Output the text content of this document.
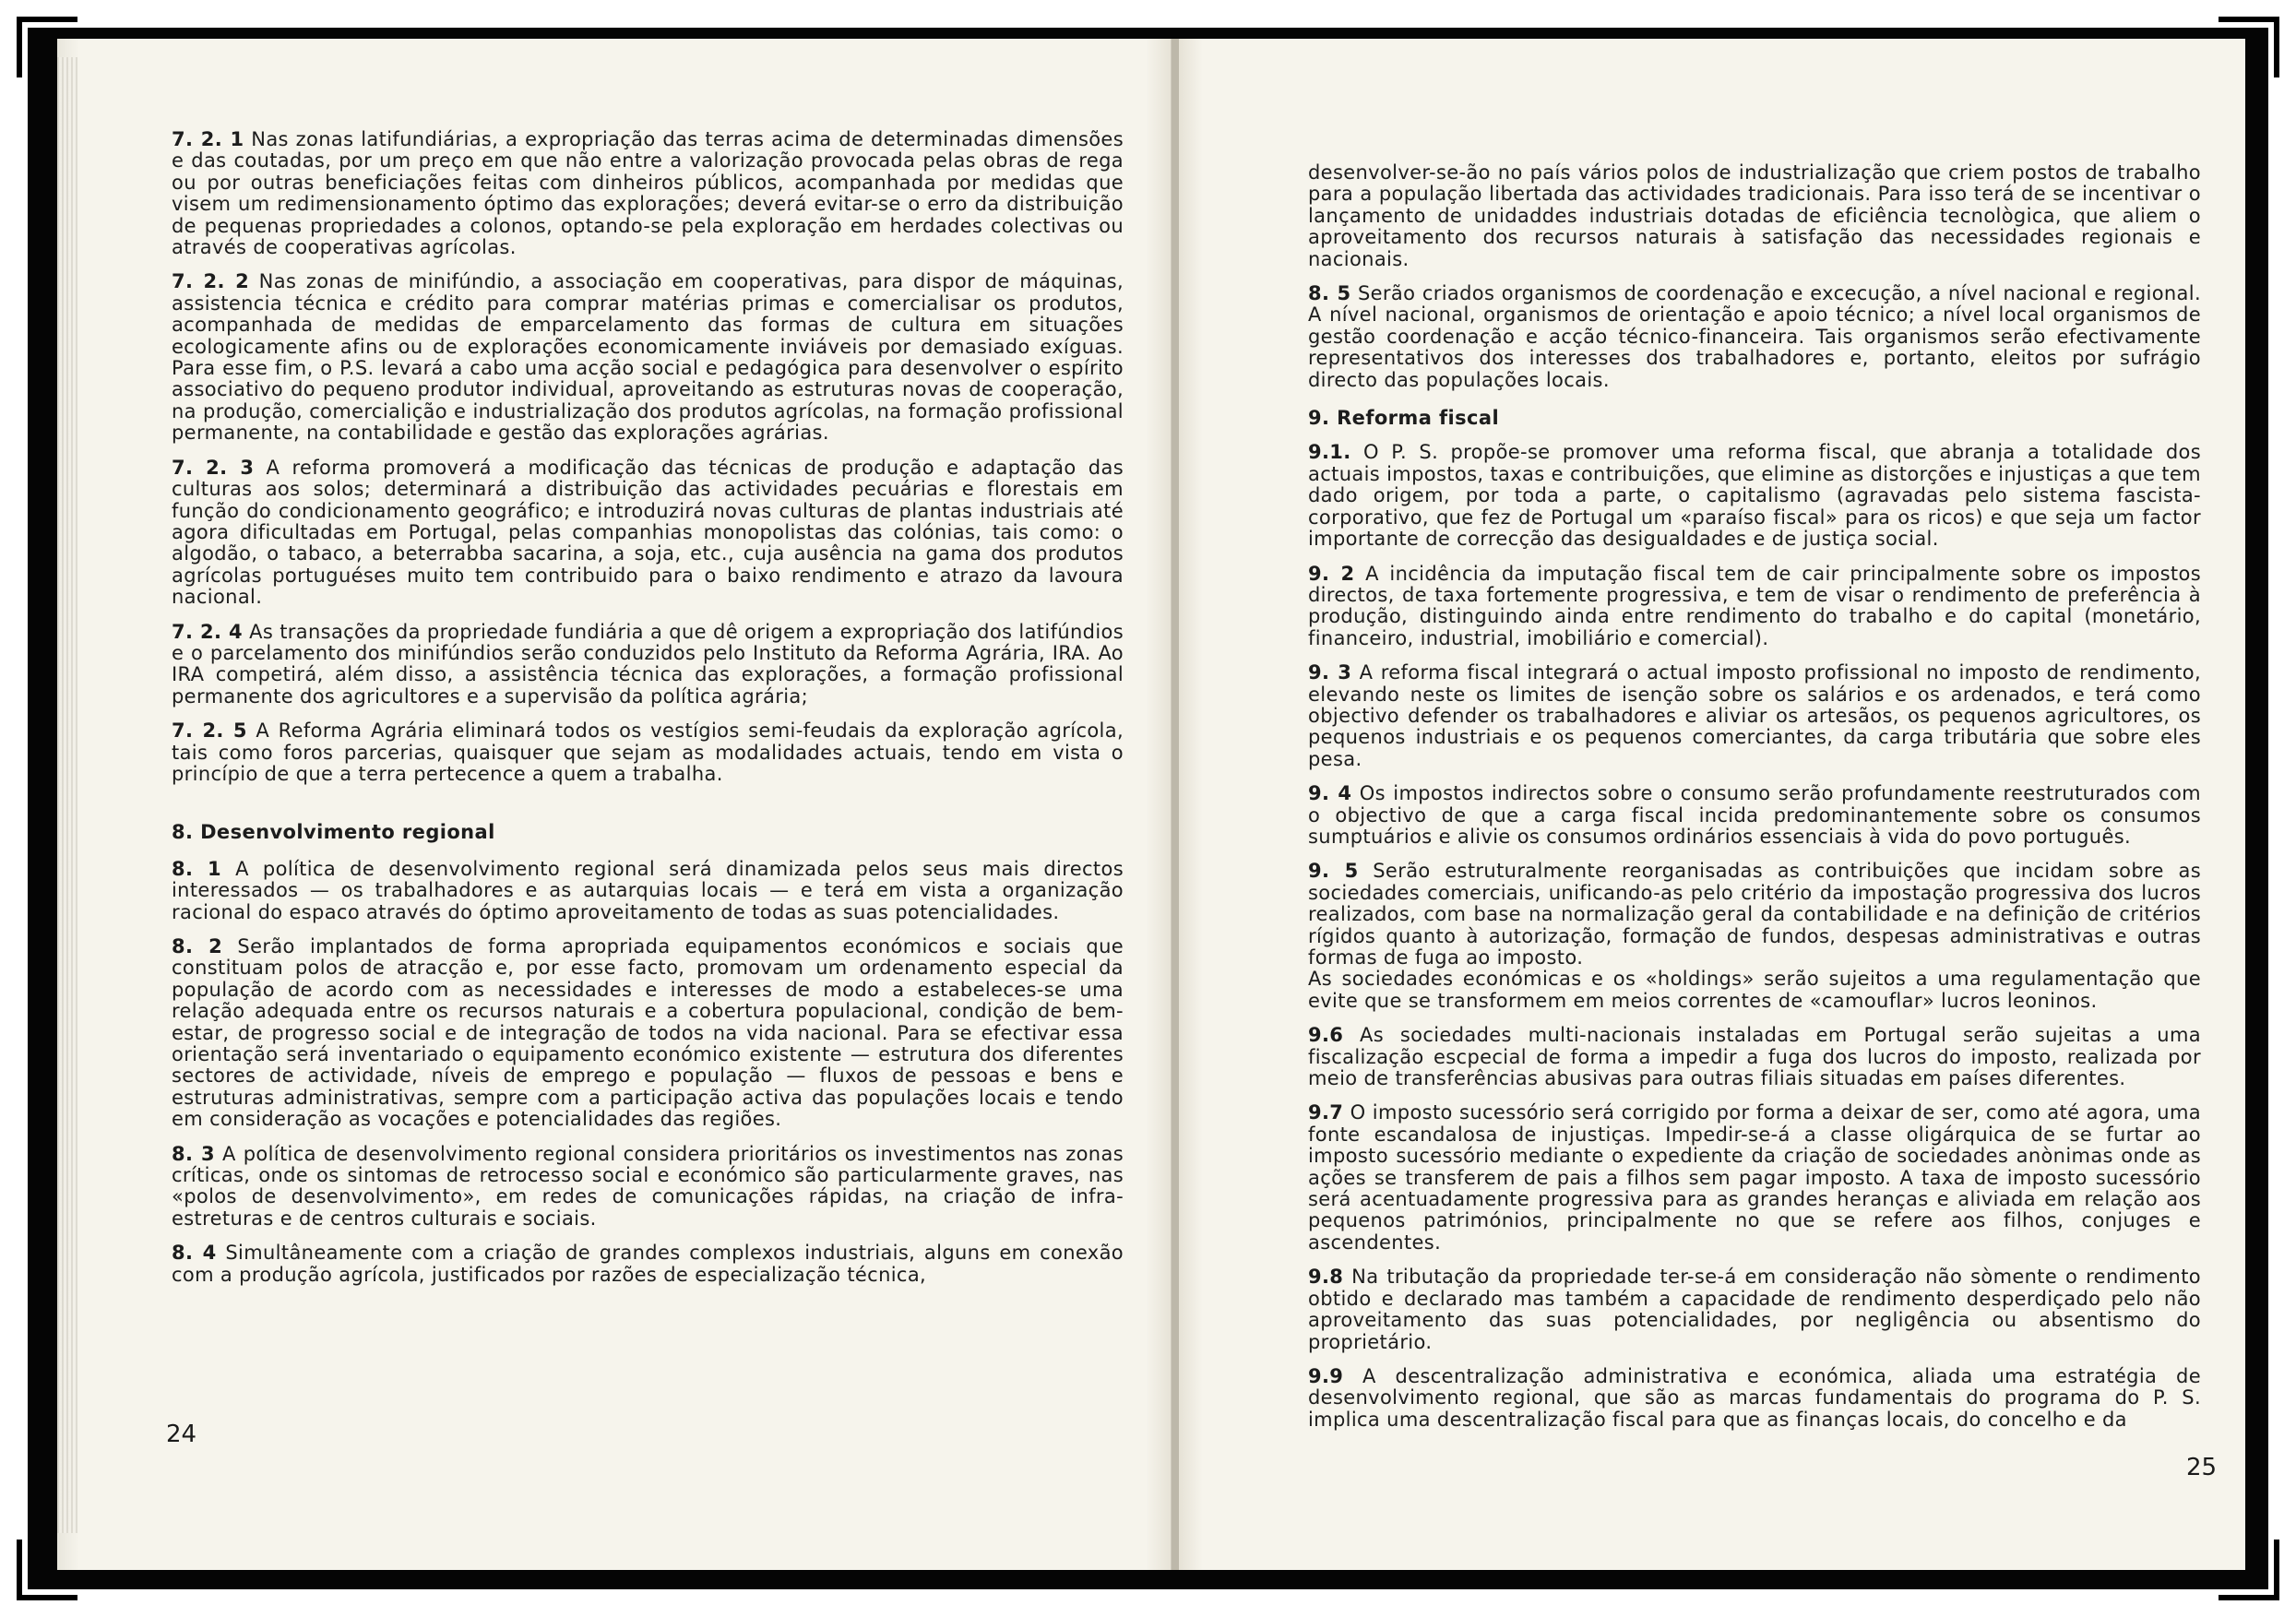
7. 2. 1 Nas zonas latifundiárias, a expropriação das terras acima de determinadas dimensões e das coutadas, por um preço em que não entre a valorização provocada pelas obras de rega ou por outras beneficiações feitas com dinheiros públicos, acompanhada por medidas que visem um redimensionamento óptimo das explorações; deverá evitar-se o erro da distribuição de pequenas propriedades a colonos, optando-se pela exploração em herdades colectivas ou através de cooperativas agrícolas.

7. 2. 2 Nas zonas de minifúndio, a associação em cooperativas, para dispor de máquinas, assistencia técnica e crédito para comprar matérias primas e comercialisar os produtos, acompanhada de medidas de emparcelamento das formas de cultura em situações ecologicamente afins ou de explorações economicamente inviáveis por demasiado exíguas. Para esse fim, o P.S. levará a cabo uma acção social e pedagógica para desenvolver o espírito associativo do pequeno produtor individual, aproveitando as estruturas novas de cooperação, na produção, comercialição e industrialização dos produtos agrícolas, na formação profissional permanente, na contabilidade e gestão das explorações agrárias.

7. 2. 3 A reforma promoverá a modificação das técnicas de produção e adaptação das culturas aos solos; determinará a distribuição das actividades pecuárias e florestais em função do condicionamento geográfico; e introduzirá novas culturas de plantas industriais até agora dificultadas em Portugal, pelas companhias monopolistas das colónias, tais como: o algodão, o tabaco, a beterrabba sacarina, a soja, etc., cuja ausência na gama dos produtos agrícolas portuguéses muito tem contribuido para o baixo rendimento e atrazo da lavoura nacional.

7. 2. 4 As transações da propriedade fundiária a que dê origem a expropriação dos latifúndios e o parcelamento dos minifúndios serão conduzidos pelo Instituto da Reforma Agrária, IRA. Ao IRA competirá, além disso, a assistência técnica das explorações, a formação profissional permanente dos agricultores e a supervisão da política agrária;

7. 2. 5 A Reforma Agrária eliminará todos os vestígios semi-feudais da exploração agrícola, tais como foros parcerias, quaisquer que sejam as modalidades actuais, tendo em vista o princípio de que a terra pertecence a quem a trabalha.

8. Desenvolvimento regional

8. 1 A política de desenvolvimento regional será dinamizada pelos seus mais directos interessados — os trabalhadores e as autarquias locais — e terá em vista a organização racional do espaco através do óptimo aproveitamento de todas as suas potencialidades.

8. 2 Serão implantados de forma apropriada equipamentos económicos e sociais que constituam polos de atracção e, por esse facto, promovam um ordenamento especial da população de acordo com as necessidades e interesses de modo a estabeleces-se uma relação adequada entre os recursos naturais e a cobertura populacional, condição de bem-estar, de progresso social e de integração de todos na vida nacional. Para se efectivar essa orientação será inventariado o equipamento económico existente — estrutura dos diferentes sectores de actividade, níveis de emprego e população — fluxos de pessoas e bens e estruturas administrativas, sempre com a participação activa das populações locais e tendo em consideração as vocações e potencialidades das regiões.

8. 3 A política de desenvolvimento regional considera prioritários os investimentos nas zonas críticas, onde os sintomas de retrocesso social e económico são particularmente graves, nas «polos de desenvolvimento», em redes de comunicações rápidas, na criação de infra-estreturas e de centros culturais e sociais.

8. 4 Simultâneamente com a criação de grandes complexos industriais, alguns em conexão com a produção agrícola, justificados por razões de especialização técnica,

24

desenvolver-se-ão no país vários polos de industrialização que criem postos de trabalho para a população libertada das actividades tradicionais. Para isso terá de se incentivar o lançamento de unidaddes industriais dotadas de eficiência tecnològica, que aliem o aproveitamento dos recursos naturais à satisfação das necessidades regionais e nacionais.

8. 5 Serão criados organismos de coordenação e excecução, a nível nacional e regional. A nível nacional, organismos de orientação e apoio técnico; a nível local organismos de gestão coordenação e acção técnico-financeira. Tais organismos serão efectivamente representativos dos interesses dos trabalhadores e, portanto, eleitos por sufrágio directo das populações locais.

9. Reforma fiscal

9.1. O P. S. propõe-se promover uma reforma fiscal, que abranja a totalidade dos actuais impostos, taxas e contribuições, que elimine as distorções e injustiças a que tem dado origem, por toda a parte, o capitalismo (agravadas pelo sistema fascista-corporativo, que fez de Portugal um «paraíso fiscal» para os ricos) e que seja um factor importante de correcção das desigualdades e de justiça social.

9. 2 A incidência da imputação fiscal tem de cair principalmente sobre os impostos directos, de taxa fortemente progressiva, e tem de visar o rendimento de preferência à produção, distinguindo ainda entre rendimento do trabalho e do capital (monetário, financeiro, industrial, imobiliário e comercial).

9. 3 A reforma fiscal integrará o actual imposto profissional no imposto de rendimento, elevando neste os limites de isenção sobre os salários e os ardenados, e terá como objectivo defender os trabalhadores e aliviar os artesãos, os pequenos agricultores, os pequenos industriais e os pequenos comerciantes, da carga tributária que sobre eles pesa.

9. 4 Os impostos indirectos sobre o consumo serão profundamente reestruturados com o objectivo de que a carga fiscal incida predominantemente sobre os consumos sumptuários e alivie os consumos ordinários essenciais à vida do povo português.

9. 5 Serão estruturalmente reorganisadas as contribuições que incidam sobre as sociedades comerciais, unificando-as pelo critério da impostação progressiva dos lucros realizados, com base na normalização geral da contabilidade e na definição de critérios rígidos quanto à autorização, formação de fundos, despesas administrativas e outras formas de fuga ao imposto.

As sociedades económicas e os «holdings» serão sujeitos a uma regulamentação que evite que se transformem em meios correntes de «camouflar» lucros leoninos.

9.6 As sociedades multi-nacionais instaladas em Portugal serão sujeitas a uma fiscalização escpecial de forma a impedir a fuga dos lucros do imposto, realizada por meio de transferências abusivas para outras filiais situadas em países diferentes.

9.7 O imposto sucessório será corrigido por forma a deixar de ser, como até agora, uma fonte escandalosa de injustiças. Impedir-se-á a classe oligárquica de se furtar ao imposto sucessório mediante o expediente da criação de sociedades anònimas onde as ações se transferem de pais a filhos sem pagar imposto. A taxa de imposto sucessório será acentuadamente progressiva para as grandes heranças e aliviada em relação aos pequenos patrimónios, principalmente no que se refere aos filhos, conjuges e ascendentes.

9.8 Na tributação da propriedade ter-se-á em consideração não sòmente o rendimento obtido e declarado mas também a capacidade de rendimento desperdiçado pelo não aproveitamento das suas potencialidades, por negligência ou absentismo do proprietário.

9.9 A descentralização administrativa e económica, aliada uma estratégia de desenvolvimento regional, que são as marcas fundamentais do programa do P. S. implica uma descentralização fiscal para que as finanças locais, do concelho e da

25
